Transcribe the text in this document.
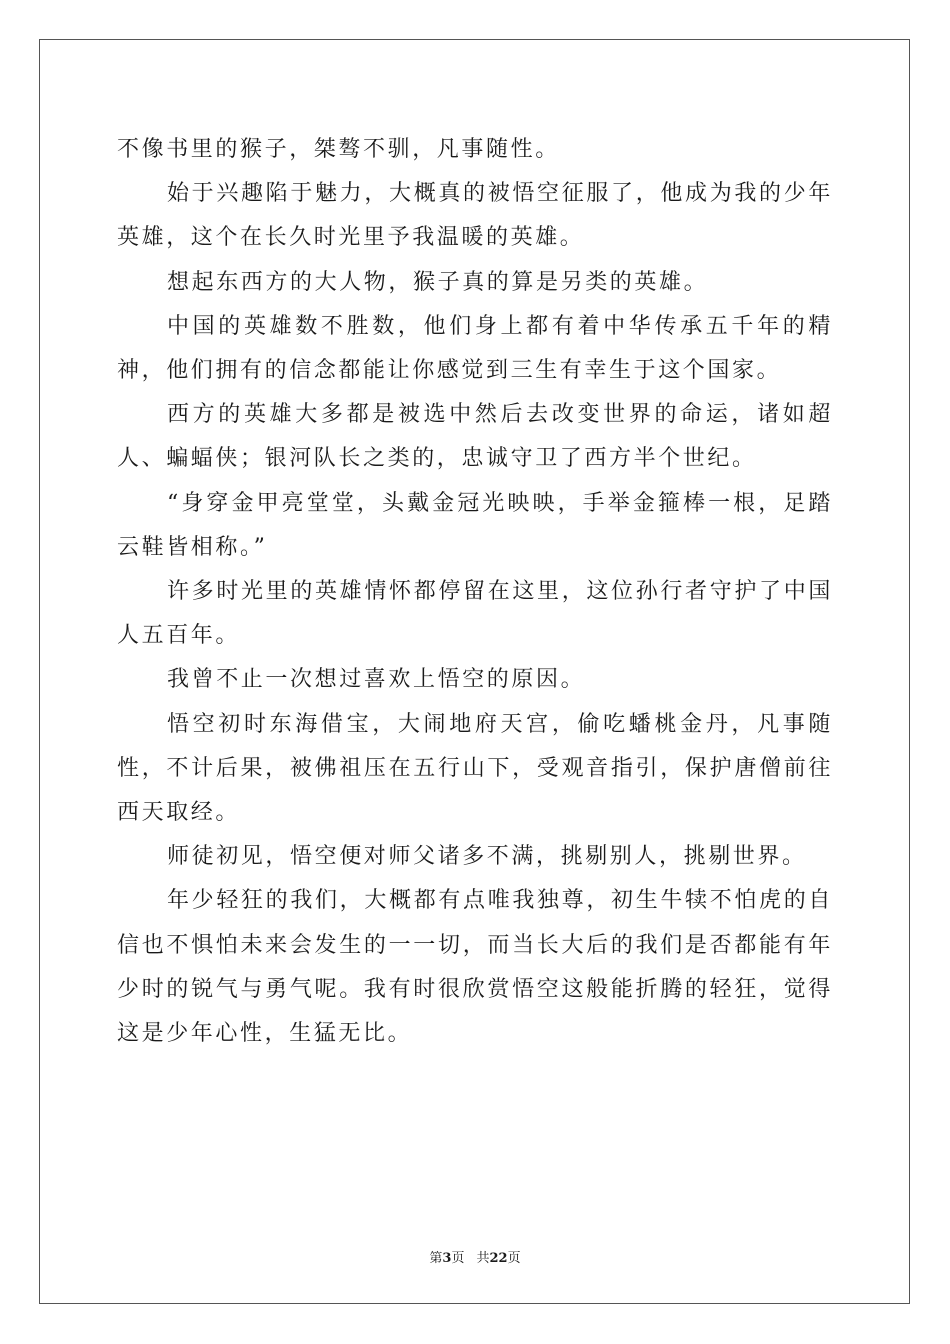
不像书里的猴子，桀骜不驯，凡事随性。

始于兴趣陷于魅力，大概真的被悟空征服了，他成为我的少年英雄，这个在长久时光里予我温暖的英雄。

想起东西方的大人物，猴子真的算是另类的英雄。

中国的英雄数不胜数，他们身上都有着中华传承五千年的精神，他们拥有的信念都能让你感觉到三生有幸生于这个国家。

西方的英雄大多都是被选中然后去改变世界的命运，诸如超人、蝙蝠侠；银河队长之类的，忠诚守卫了西方半个世纪。

“身穿金甲亮堂堂，头戴金冠光映映，手举金箍棒一根，足踏云鞋皆相称。”

许多时光里的英雄情怀都停留在这里，这位孙行者守护了中国人五百年。

我曾不止一次想过喜欢上悟空的原因。

悟空初时东海借宝，大闹地府天宫，偷吃蟠桃金丹，凡事随性，不计后果，被佛祖压在五行山下，受观音指引，保护唐僧前往西天取经。

师徒初见，悟空便对师父诸多不满，挑剔别人，挑剔世界。

年少轻狂的我们，大概都有点唯我独尊，初生牛犊不怕虎的自信也不惧怕未来会发生的一一切，而当长大后的我们是否都能有年少时的锐气与勇气呢。我有时很欣赏悟空这般能折腾的轻狂，觉得这是少年心性，生猛无比。

第3页 共22页
